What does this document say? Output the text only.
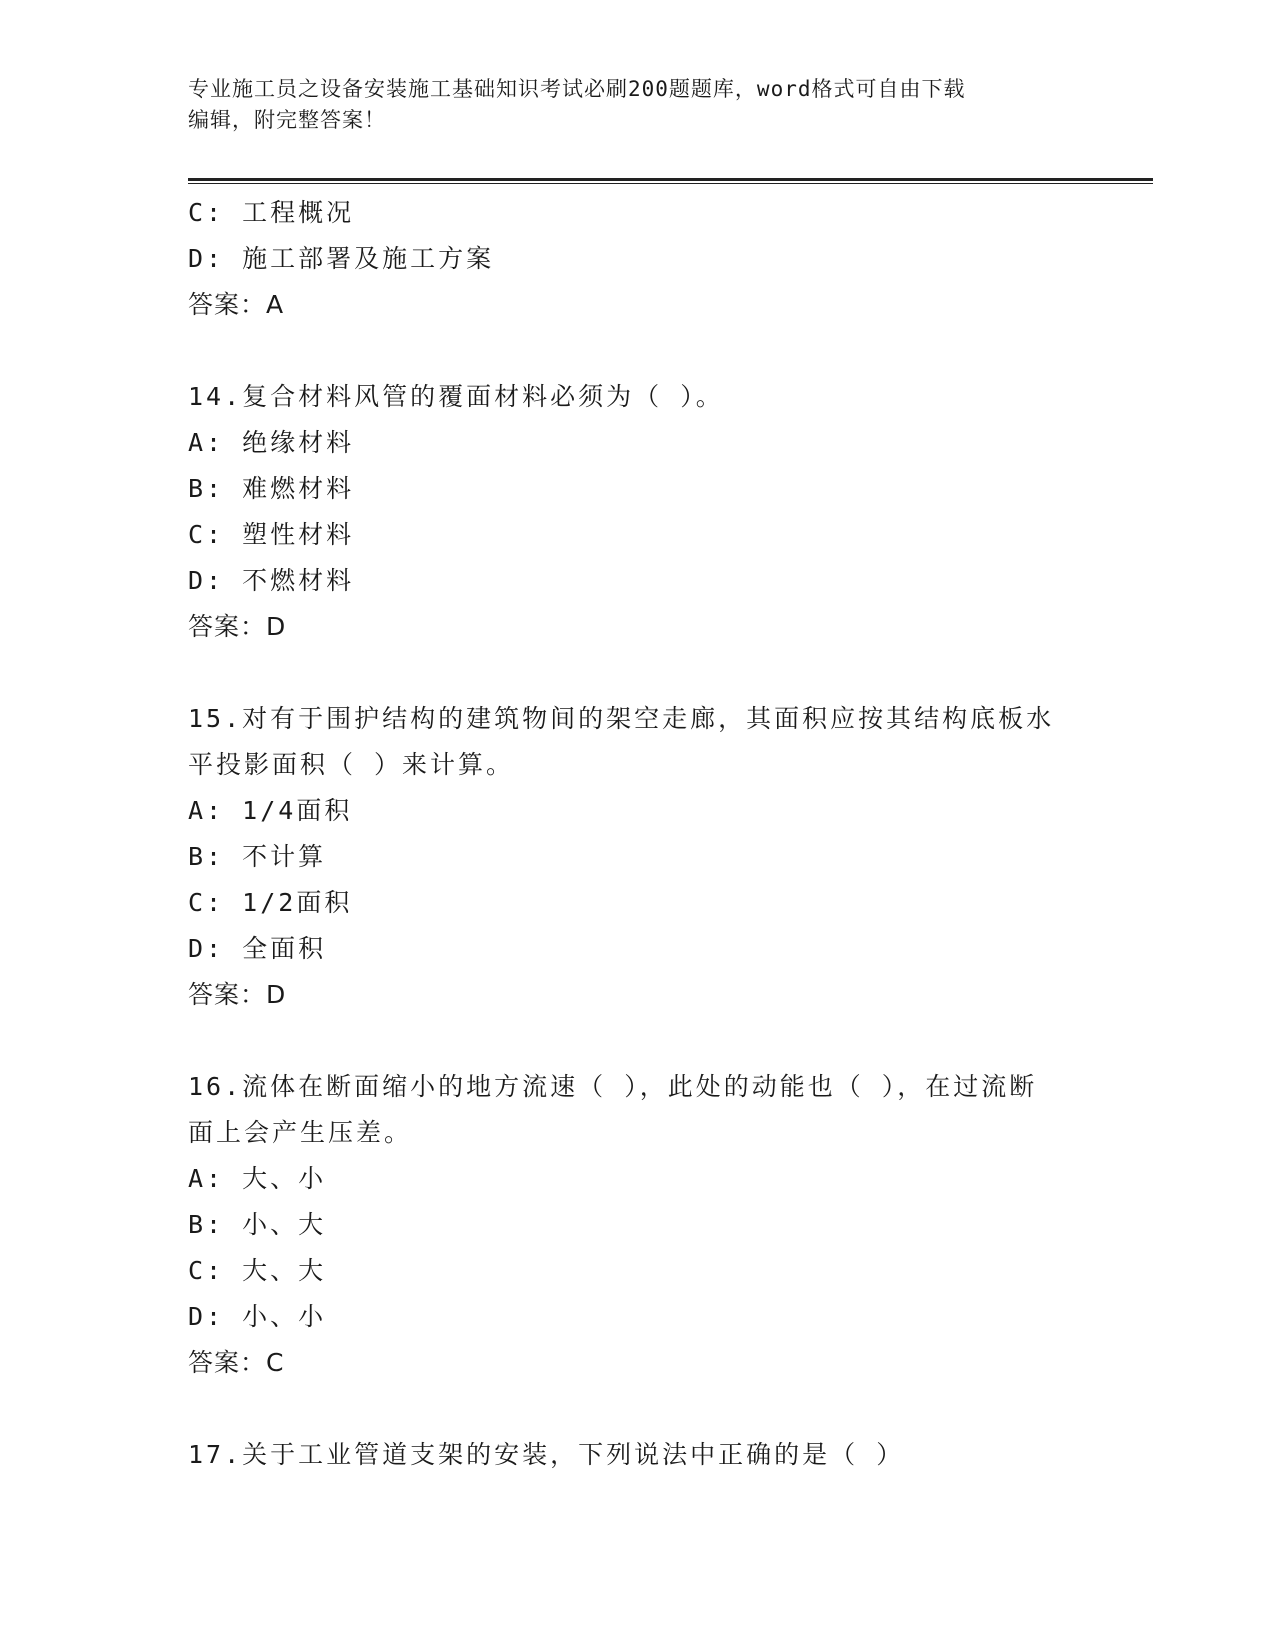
专业施工员之设备安装施工基础知识考试必刷200题题库，word格式可自由下载
编辑，附完整答案！
C: 工程概况
D: 施工部署及施工方案
答案：A
14.复合材料风管的覆面材料必须为（ ）。
A: 绝缘材料
B: 难燃材料
C: 塑性材料
D: 不燃材料
答案：D
15.对有于围护结构的建筑物间的架空走廊，其面积应按其结构底板水
平投影面积（ ）来计算。
A: 1/4面积
B: 不计算
C: 1/2面积
D: 全面积
答案：D
16.流体在断面缩小的地方流速（ ），此处的动能也（ ），在过流断
面上会产生压差。
A: 大、小
B: 小、大
C: 大、大
D: 小、小
答案：C
17.关于工业管道支架的安装，下列说法中正确的是（ ）
